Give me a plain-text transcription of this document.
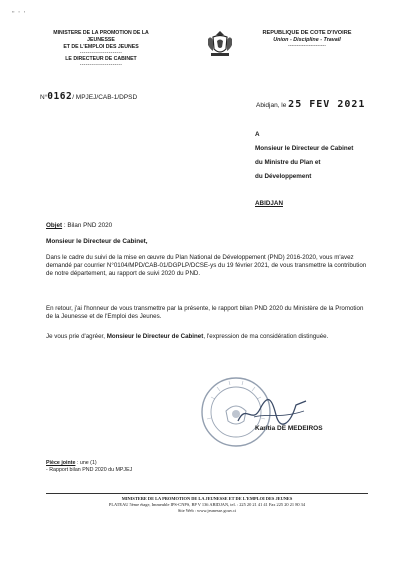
" ' '
MINISTERE DE LA PROMOTION DE LA JEUNESSE
ET DE L'EMPLOI DES JEUNES
----------------------
LE DIRECTEUR DE CABINET
----------------------
REPUBLIQUE DE COTE D'IVOIRE
Union - Discipline - Travail
----------------------
N°0162/ MPJEJ/CAB-1/DPSD
Abidjan, le 25 FEV 2021
A
Monsieur le Directeur de Cabinet
du Ministre du Plan et
du Développement
ABIDJAN
Objet : Bilan PND 2020
Monsieur le Directeur de Cabinet,
Dans le cadre du suivi de la mise en œuvre du Plan National de Développement (PND) 2016-2020, vous m'avez demandé par courrier N°0104/MPD/CAB-01/DGPLP/DCSE-ys du 19 février 2021, de vous transmettre la contribution de notre département, au rapport de suivi 2020 du PND.
En retour, j'ai l'honneur de vous transmettre par la présente, le rapport bilan PND 2020 du Ministère de la Promotion de la Jeunesse et de l'Emploi des Jeunes.
Je vous prie d'agréer, Monsieur le Directeur de Cabinet, l'expression de ma considération distinguée.
Karitia DE MEDEIROS
Pièce jointe : une (1)
- Rapport bilan PND 2020 du MPJEJ
MINISTERE DE LA PROMOTION DE LA JEUNESSE ET DE L'EMPLOI DES JEUNES
PLATEAU 5ème étage, Immeuble IPS-CNPS, BP V 136 ABIDJAN, tel. : 225 20 21 41 41 Fax 225 20 21 80 34
Site Web : www.jeunesse.gouv.ci
